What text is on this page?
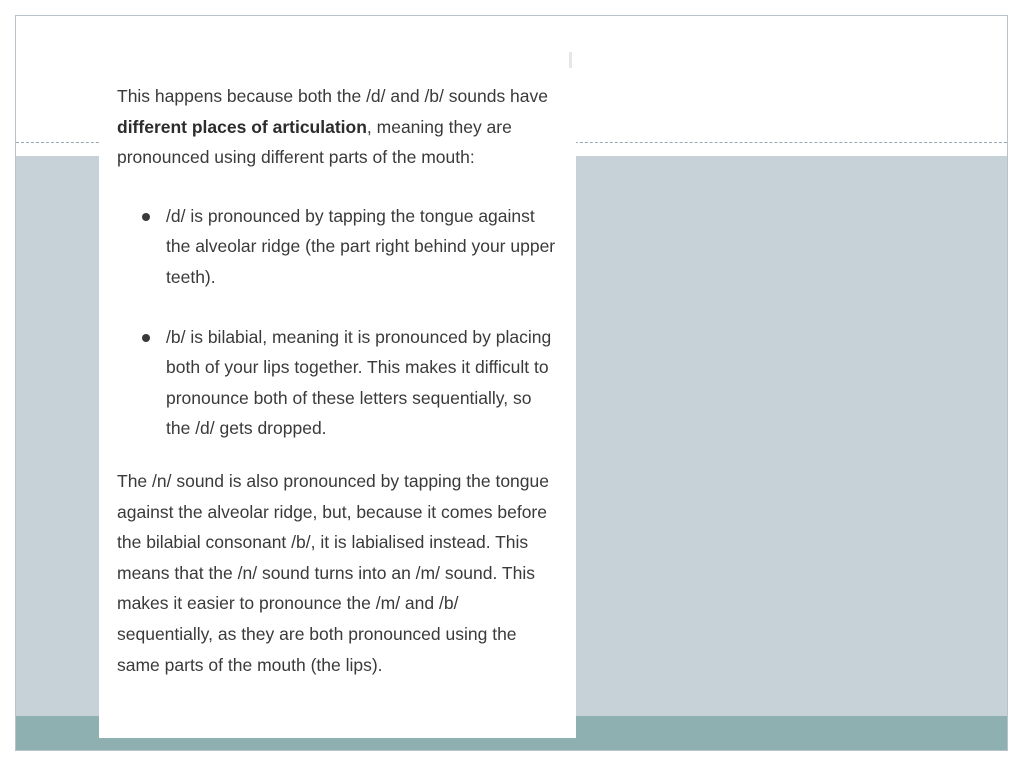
This happens because both the /d/ and /b/ sounds have different places of articulation, meaning they are pronounced using different parts of the mouth:

/d/ is pronounced by tapping the tongue against the alveolar ridge (the part right behind your upper teeth).
/b/ is bilabial, meaning it is pronounced by placing both of your lips together. This makes it difficult to pronounce both of these letters sequentially, so the /d/ gets dropped.

The /n/ sound is also pronounced by tapping the tongue against the alveolar ridge, but, because it comes before the bilabial consonant /b/, it is labialised instead. This means that the /n/ sound turns into an /m/ sound. This makes it easier to pronounce the /m/ and /b/ sequentially, as they are both pronounced using the same parts of the mouth (the lips).
